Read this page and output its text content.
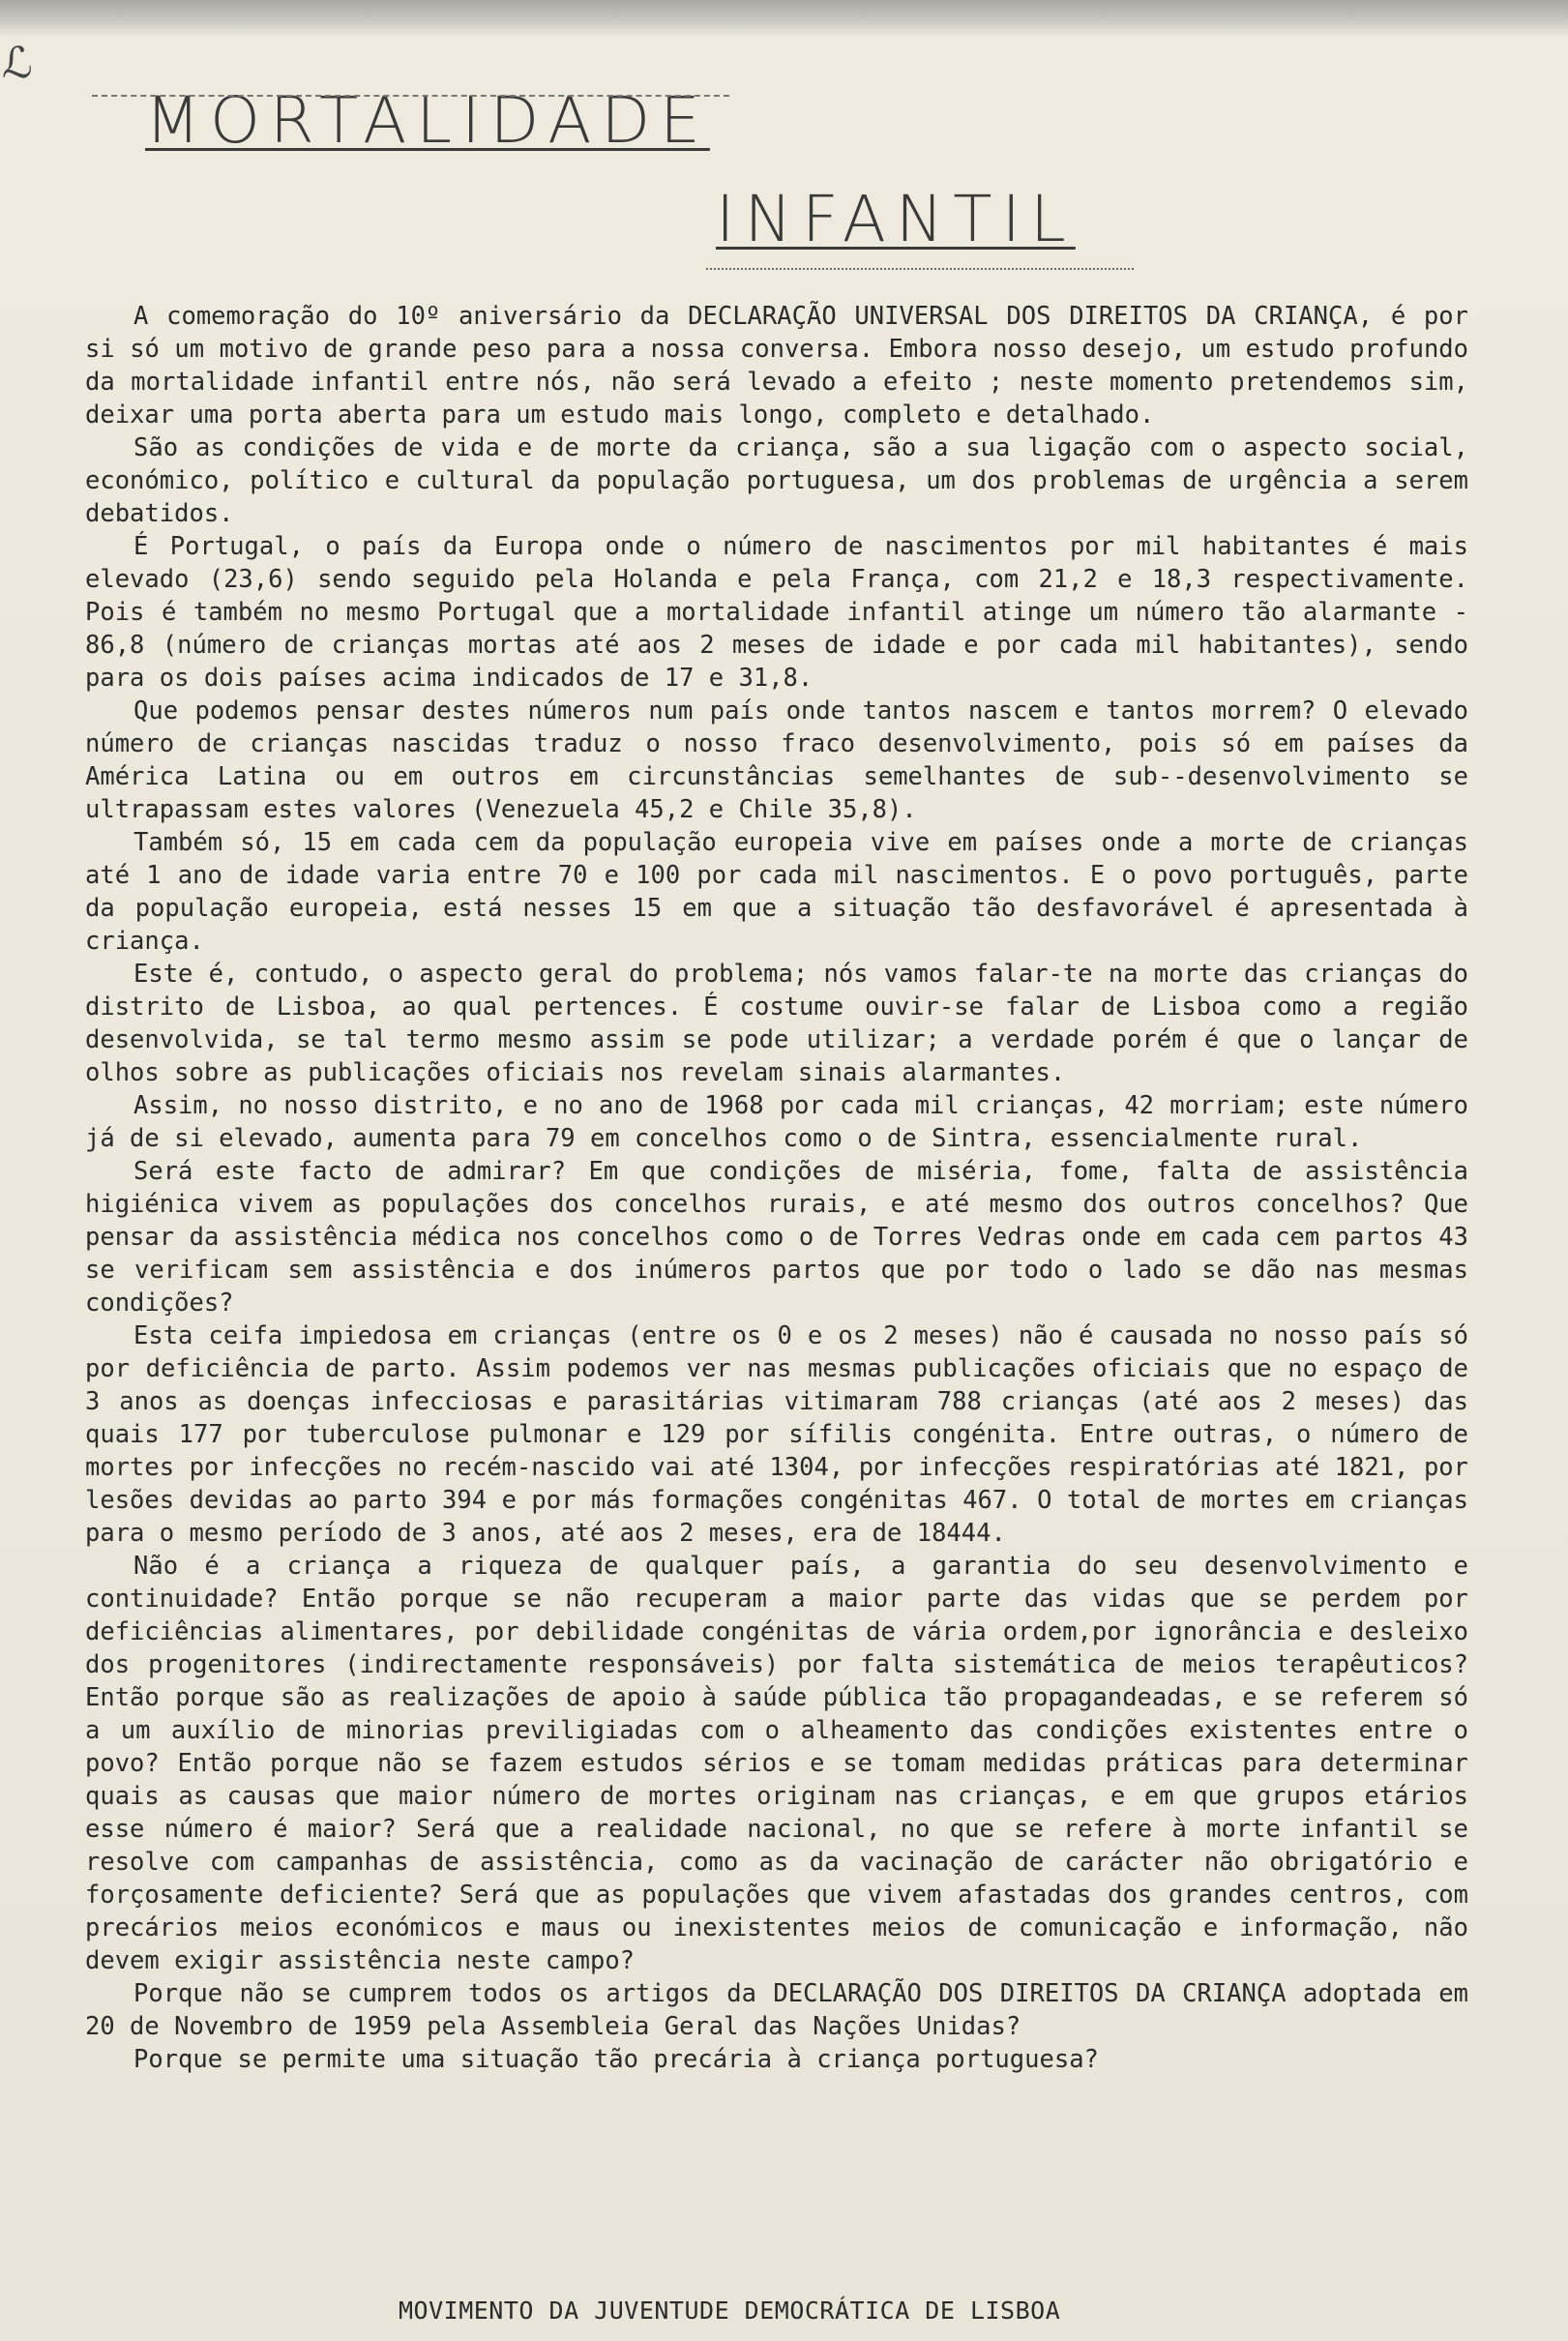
ℒ
MORTALIDADE
INFANTIL

A comemoração do 10º aniversário da DECLARAÇÃO UNIVERSAL DOS DIREITOS DA CRIANÇA, é por si só um motivo de grande peso para a nossa conversa. Embora nosso desejo, um estudo profundo da mortalidade infantil entre nós, não será levado a efeito ; neste momento pretendemos sim, deixar uma porta aberta para um estudo mais longo, completo e detalhado.

São as condições de vida e de morte da criança, são a sua ligação com o aspecto social, económico, político e cultural da população portuguesa, um dos problemas de urgência a serem debatidos.

É Portugal, o país da Europa onde o número de nascimentos por mil habitantes é mais elevado (23,6) sendo seguido pela Holanda e pela França, com 21,2 e 18,3 respectivamente. Pois é também no mesmo Portugal que a mortalidade infantil atinge um número tão alarmante - 86,8 (número de crianças mortas até aos 2 meses de idade e por cada mil habitantes), sendo para os dois países acima indicados de 17 e 31,8.

Que podemos pensar destes números num país onde tantos nascem e tantos morrem? O elevado número de crianças nascidas traduz o nosso fraco desenvolvimento, pois só em países da América Latina ou em outros em circunstâncias semelhantes de sub--desenvolvimento se ultrapassam estes valores (Venezuela 45,2 e Chile 35,8).

Também só, 15 em cada cem da população europeia vive em países onde a morte de crianças até 1 ano de idade varia entre 70 e 100 por cada mil nascimentos. E o povo português, parte da população europeia, está nesses 15 em que a situação tão desfavorável é apresentada à criança.

Este é, contudo, o aspecto geral do problema; nós vamos falar-te na morte das crianças do distrito de Lisboa, ao qual pertences. É costume ouvir-se falar de Lisboa como a região desenvolvida, se tal termo mesmo assim se pode utilizar; a verdade porém é que o lançar de olhos sobre as publicações oficiais nos revelam sinais alarmantes.

Assim, no nosso distrito, e no ano de 1968 por cada mil crianças, 42 morriam; este número já de si elevado, aumenta para 79 em concelhos como o de Sintra, essencialmente rural.

Será este facto de admirar? Em que condições de miséria, fome, falta de assistência higiénica vivem as populações dos concelhos rurais, e até mesmo dos outros concelhos? Que pensar da assistência médica nos concelhos como o de Torres Vedras onde em cada cem partos 43 se verificam sem assistência e dos inúmeros partos que por todo o lado se dão nas mesmas condições?

Esta ceifa impiedosa em crianças (entre os 0 e os 2 meses) não é causada no nosso país só por deficiência de parto. Assim podemos ver nas mesmas publicações oficiais que no espaço de 3 anos as doenças infecciosas e parasitárias vitimaram 788 crianças (até aos 2 meses) das quais 177 por tuberculose pulmonar e 129 por sífilis congénita. Entre outras, o número de mortes por infecções no recém-nascido vai até 1304, por infecções respiratórias até 1821, por lesões devidas ao parto 394 e por más formações congénitas 467. O total de mortes em crianças para o mesmo período de 3 anos, até aos 2 meses, era de 18444.

Não é a criança a riqueza de qualquer país, a garantia do seu desenvolvimento e continuidade? Então porque se não recuperam a maior parte das vidas que se perdem por deficiências alimentares, por debilidade congénitas de vária ordem,por ignorância e desleixo dos progenitores (indirectamente responsáveis) por falta sistemática de meios terapêuticos? Então porque são as realizações de apoio à saúde pública tão propagandeadas, e se referem só a um auxílio de minorias previligiadas com o alheamento das condições existentes entre o povo? Então porque não se fazem estudos sérios e se tomam medidas práticas para determinar quais as causas que maior número de mortes originam nas crianças, e em que grupos etários esse número é maior? Será que a realidade nacional, no que se refere à morte infantil se resolve com campanhas de assistência, como as da vacinação de carácter não obrigatório e forçosamente deficiente? Será que as populações que vivem afastadas dos grandes centros, com precários meios económicos e maus ou inexistentes meios de comunicação e informação, não devem exigir assistência neste campo?

Porque não se cumprem todos os artigos da DECLARAÇÃO DOS DIREITOS DA CRIANÇA adoptada em 20 de Novembro de 1959 pela Assembleia Geral das Nações Unidas?

Porque se permite uma situação tão precária à criança portuguesa?

MOVIMENTO DA JUVENTUDE DEMOCRÁTICA DE LISBOA
